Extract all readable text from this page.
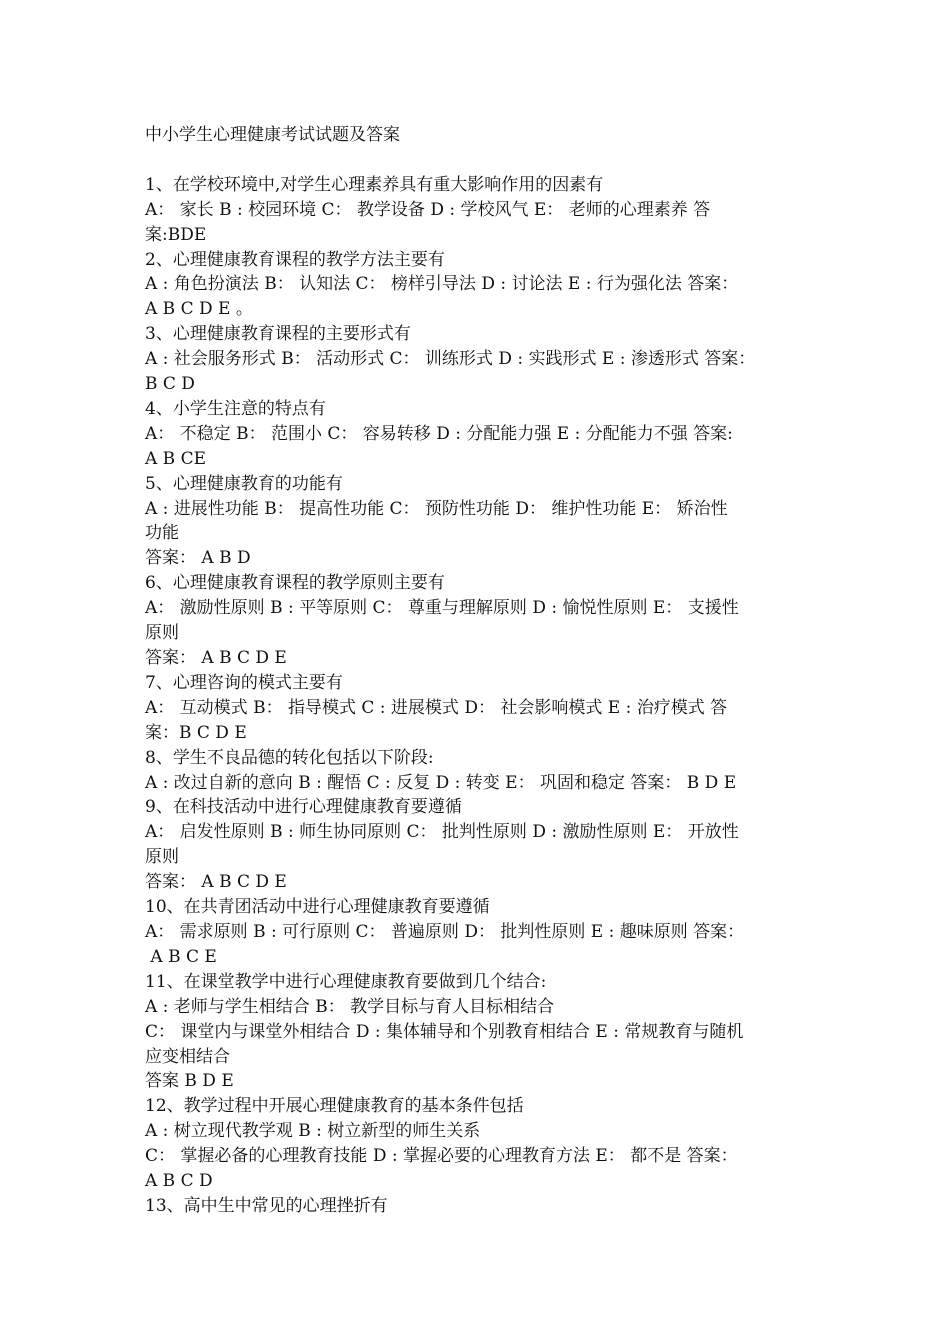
中小学生心理健康考试试题及答案
1、在学校环境中,对学生心理素养具有重大影响作用的因素有
A： 家长 B : 校园环境 C： 教学设备 D : 学校风气 E： 老师的心理素养 答
案:BDE
2、心理健康教育课程的教学方法主要有
A : 角色扮演法 B： 认知法 C： 榜样引导法 D : 讨论法 E : 行为强化法 答案：
A B C D E 。
3、心理健康教育课程的主要形式有
A : 社会服务形式 B： 活动形式 C： 训练形式 D : 实践形式 E : 渗透形式 答案：
B C D
4、小学生注意的特点有
A： 不稳定 B： 范围小 C： 容易转移 D : 分配能力强 E : 分配能力不强 答案:
A B CE
5、心理健康教育的功能有
A : 进展性功能 B： 提高性功能 C： 预防性功能 D： 维护性功能 E： 矫治性
功能
答案： A B D
6、心理健康教育课程的教学原则主要有
A： 激励性原则 B : 平等原则 C： 尊重与理解原则 D : 愉悦性原则 E： 支援性
原则
答案： A B C D E
7、心理咨询的模式主要有
A： 互动模式 B： 指导模式 C : 进展模式 D： 社会影响模式 E : 治疗模式 答
案：B C D E
8、学生不良品德的转化包括以下阶段:
A : 改过自新的意向 B : 醒悟 C : 反复 D : 转变 E： 巩固和稳定 答案： B D E
9、在科技活动中进行心理健康教育要遵循
A： 启发性原则 B : 师生协同原则 C： 批判性原则 D : 激励性原则 E： 开放性
原则
答案： A B C D E
10、在共青团活动中进行心理健康教育要遵循
A： 需求原则 B : 可行原则 C： 普遍原则 D： 批判性原则 E : 趣味原则 答案：
A B C E
11、在课堂教学中进行心理健康教育要做到几个结合:
A : 老师与学生相结合 B： 教学目标与育人目标相结合
C： 课堂内与课堂外相结合 D : 集体辅导和个别教育相结合 E : 常规教育与随机
应变相结合
答案 B D E
12、教学过程中开展心理健康教育的基本条件包括
A : 树立现代教学观 B : 树立新型的师生关系
C： 掌握必备的心理教育技能 D : 掌握必要的心理教育方法 E： 都不是 答案：
A B C D
13、高中生中常见的心理挫折有
